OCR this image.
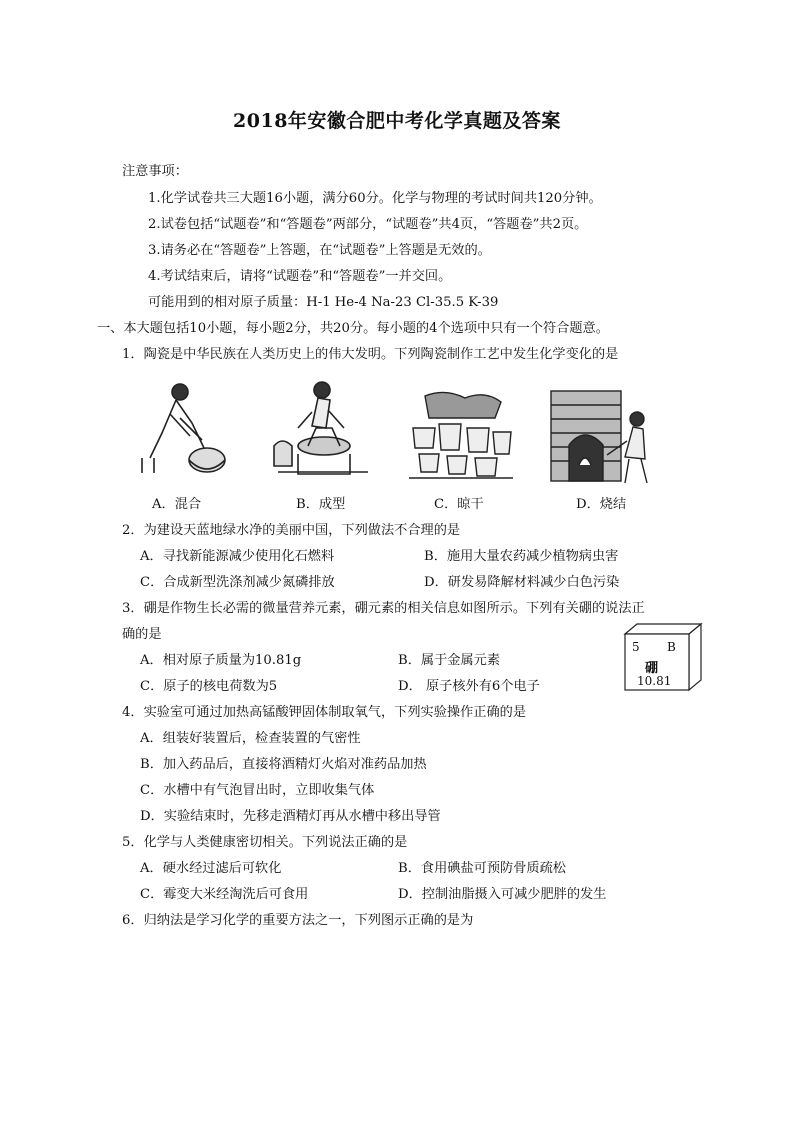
2018年安徽合肥中考化学真题及答案
注意事项：
1.化学试卷共三大题16小题，满分60分。化学与物理的考试时间共120分钟。
2.试卷包括“试题卷”和“答题卷”两部分，“试题卷”共4页，“答题卷”共2页。
3.请务必在“答题卷”上答题，在“试题卷”上答题是无效的。
4.考试结束后，请将“试题卷”和“答题卷”一并交回。
可能用到的相对原子质量：H-1 He-4 Na-23 Cl-35.5 K-39
一、本大题包括10小题，每小题2分，共20分。每小题的4个选项中只有一个符合题意。
1．陶瓷是中华民族在人类历史上的伟大发明。下列陶瓷制作工艺中发生化学变化的是
A．混合	B．成型	C．晾干	D．烧结
2．为建设天蓝地绿水净的美丽中国，下列做法不合理的是
A．寻找新能源减少使用化石燃料	B．施用大量农药减少植物病虫害
C．合成新型洗涤剂减少氮磷排放	D．研发易降解材料减少白色污染
3．硼是作物生长必需的微量营养元素，硼元素的相关信息如图所示。下列有关硼的说法正
确的是
A．相对原子质量为10.81g	B．属于金属元素
C．原子的核电荷数为5	D． 原子核外有6个电子
5 B
硼
10.81
4．实验室可通过加热高锰酸钾固体制取氧气，下列实验操作正确的是
A．组装好装置后，检查装置的气密性
B．加入药品后，直接将酒精灯火焰对准药品加热
C．水槽中有气泡冒出时，立即收集气体
D．实验结束时，先移走酒精灯再从水槽中移出导管
5．化学与人类健康密切相关。下列说法正确的是
A．硬水经过滤后可软化	B．食用碘盐可预防骨质疏松
C．霉变大米经淘洗后可食用	D．控制油脂摄入可减少肥胖的发生
6．归纳法是学习化学的重要方法之一，下列图示正确的是为
